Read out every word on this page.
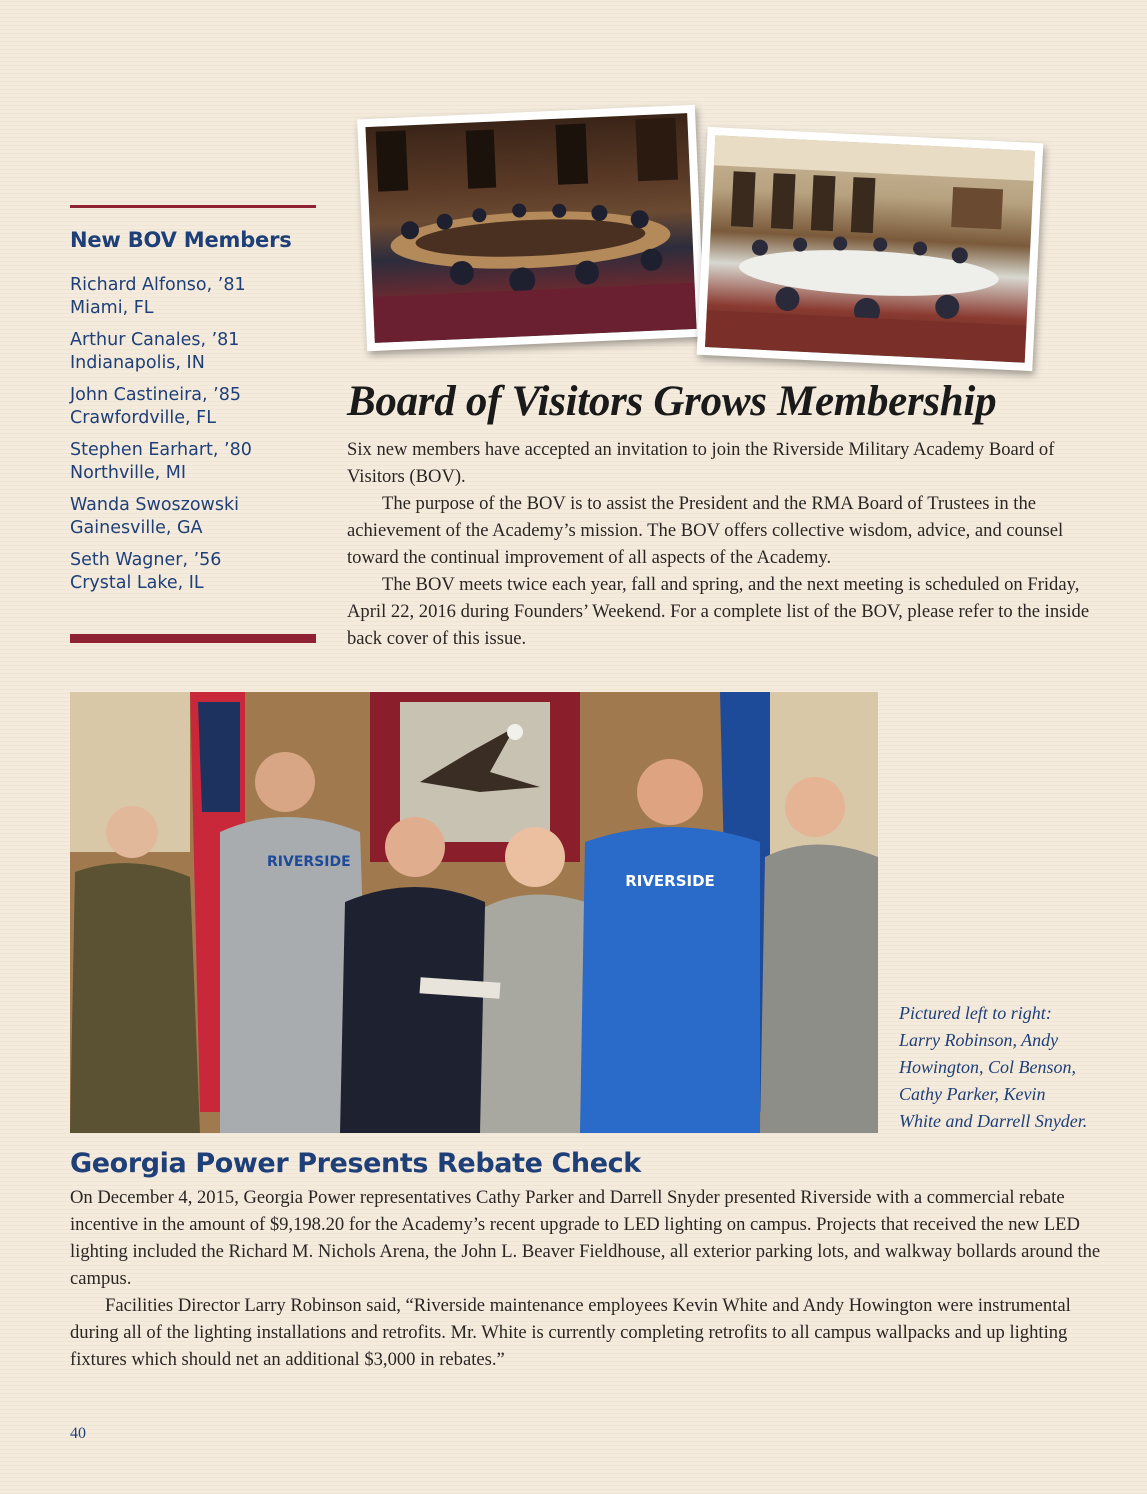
New BOV Members
Richard Alfonso, ’81
Miami, FL
Arthur Canales, ’81
Indianapolis, IN
John Castineira, ’85
Crawfordville, FL
Stephen Earhart, ’80
Northville, MI
Wanda Swoszowski
Gainesville, GA
Seth Wagner, ’56
Crystal Lake, IL
Board of Visitors Grows Membership

Six new members have accepted an invitation to join the Riverside Military Academy Board of Visitors (BOV).

The purpose of the BOV is to assist the President and the RMA Board of Trustees in the achievement of the Academy’s mission. The BOV offers collective wisdom, advice, and counsel toward the continual improvement of all aspects of the Academy.

The BOV meets twice each year, fall and spring, and the next meeting is scheduled on Friday, April 22, 2016 during Founders’ Weekend. For a complete list of the BOV, please refer to the inside back cover of this issue.

RIVERSIDE
RIVERSIDE
Pictured left to right:
Larry Robinson, Andy
Howington, Col Benson,
Cathy Parker, Kevin
White and Darrell Snyder.
Georgia Power Presents Rebate Check

On December 4, 2015, Georgia Power representatives Cathy Parker and Darrell Snyder presented Riverside with a commercial rebate incentive in the amount of $9,198.20 for the Academy’s recent upgrade to LED lighting on campus. Projects that received the new LED lighting included the Richard M. Nichols Arena, the John L. Beaver Fieldhouse, all exterior parking lots, and walkway bollards around the campus.

Facilities Director Larry Robinson said, “Riverside maintenance employees Kevin White and Andy Howington were instrumental during all of the lighting installations and retrofits. Mr. White is currently completing retrofits to all campus wallpacks and up lighting fixtures which should net an additional $3,000 in rebates.”

40
